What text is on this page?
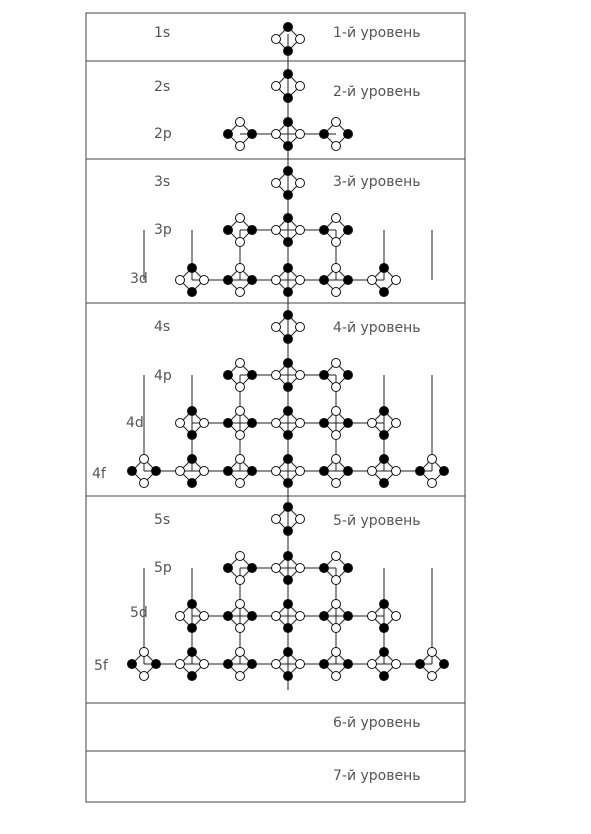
1-й уровень
2-й уровень
3-й уровень
4-й уровень
5-й уровень
6-й уровень
7-й уровень
1s
2s
2p
3s
3p
3d
4s
4p
4d
4f
5s
5p
5d
5f
